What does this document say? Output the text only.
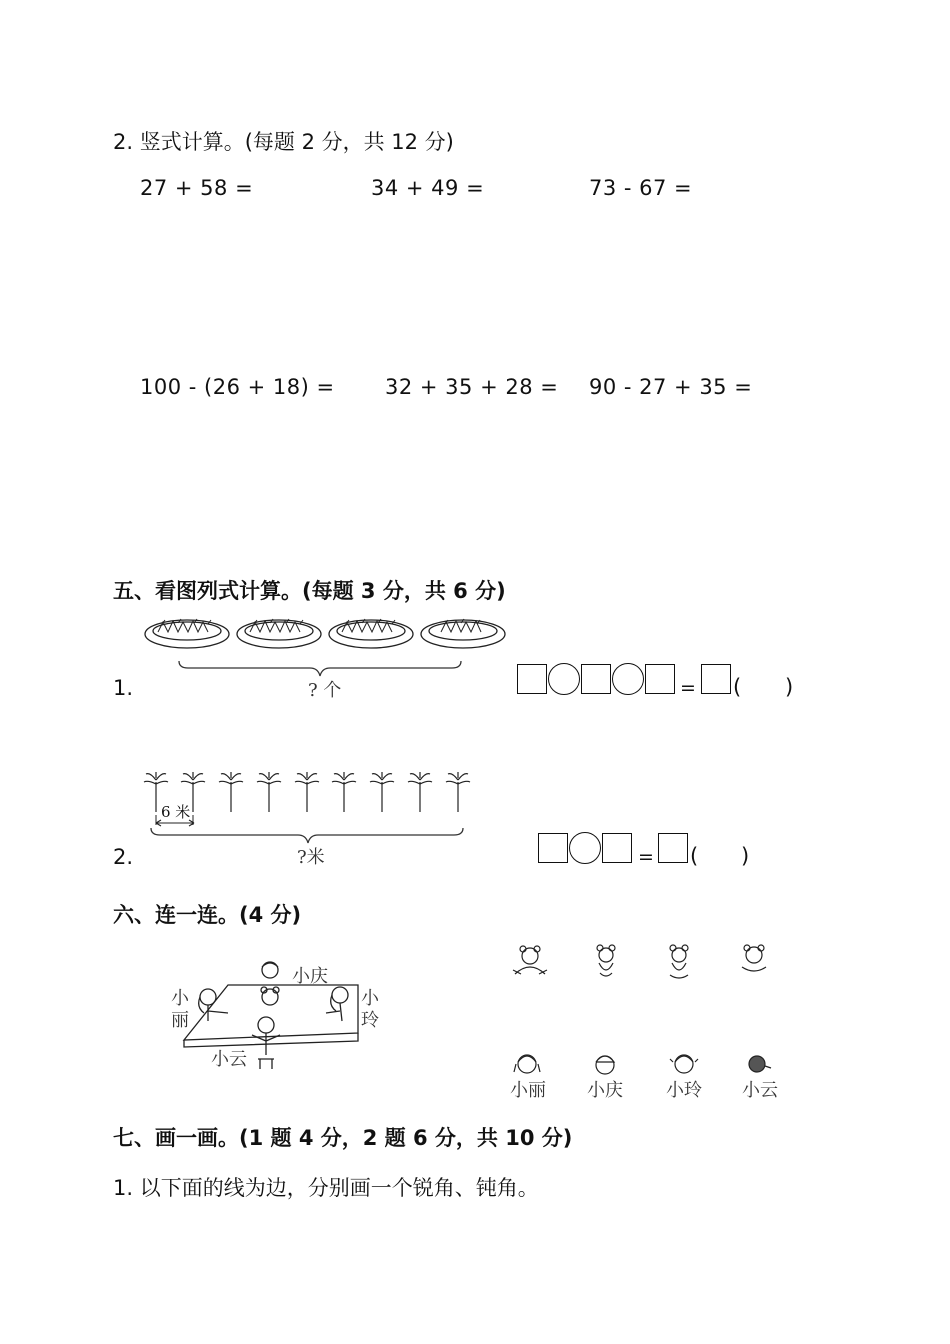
2. 竖式计算。(每题 2 分，共 12 分)
27 + 58 =	34 + 49 =	73 - 67 =
100 - (26 + 18) = 32 + 35 + 28 = 90 - 27 + 35 =
五、看图列式计算。(每题 3 分，共 6 分)
? 个
1.	= ( )
6 米
?米
2.	= ( )
六、连一连。(4 分)
小庆
小丽
小玲
小云
小丽 小庆 小玲 小云
七、画一画。(1 题 4 分，2 题 6 分，共 10 分)
1. 以下面的线为边，分别画一个锐角、钝角。
